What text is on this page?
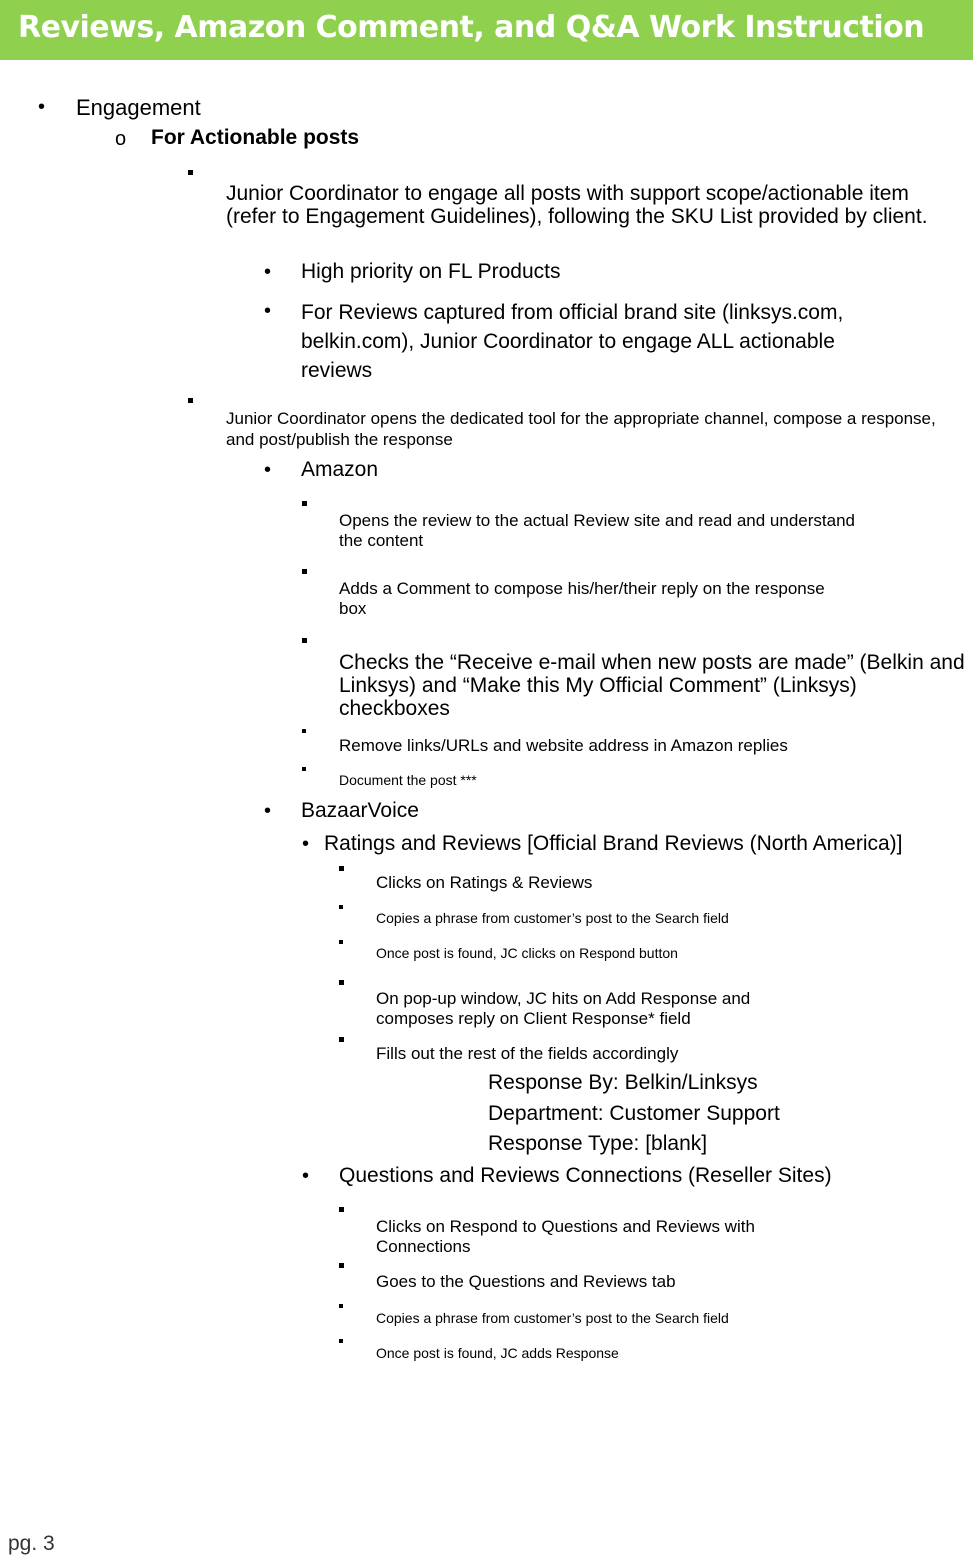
Reviews, Amazon Comment, and Q&A Work Instruction
• Engagement
o For Actionable posts
Junior Coordinator to engage all posts with support scope/actionable item (refer to Engagement Guidelines), following the SKU List provided by client.
• High priority on FL Products
• For Reviews captured from official brand site (linksys.com, belkin.com), Junior Coordinator to engage ALL actionable reviews
Junior Coordinator opens the dedicated tool for the appropriate channel, compose a response, and post/publish the response
• Amazon
Opens the review to the actual Review site and read and understand the content
Adds a Comment to compose his/her/their reply on the response box
Checks the “Receive e-mail when new posts are made” (Belkin and Linksys) and “Make this My Official Comment” (Linksys) checkboxes
Remove links/URLs and website address in Amazon replies
Document the post ***
• BazaarVoice
• Ratings and Reviews [Official Brand Reviews (North America)]
Clicks on Ratings & Reviews
Copies a phrase from customer’s post to the Search field
Once post is found, JC clicks on Respond button
On pop-up window, JC hits on Add Response and composes reply on Client Response* field
Fills out the rest of the fields accordingly
Response By: Belkin/Linksys
Department: Customer Support
Response Type: [blank]
• Questions and Reviews Connections (Reseller Sites)
Clicks on Respond to Questions and Reviews with Connections
Goes to the Questions and Reviews tab
Copies a phrase from customer’s post to the Search field
Once post is found, JC adds Response
pg. 3
